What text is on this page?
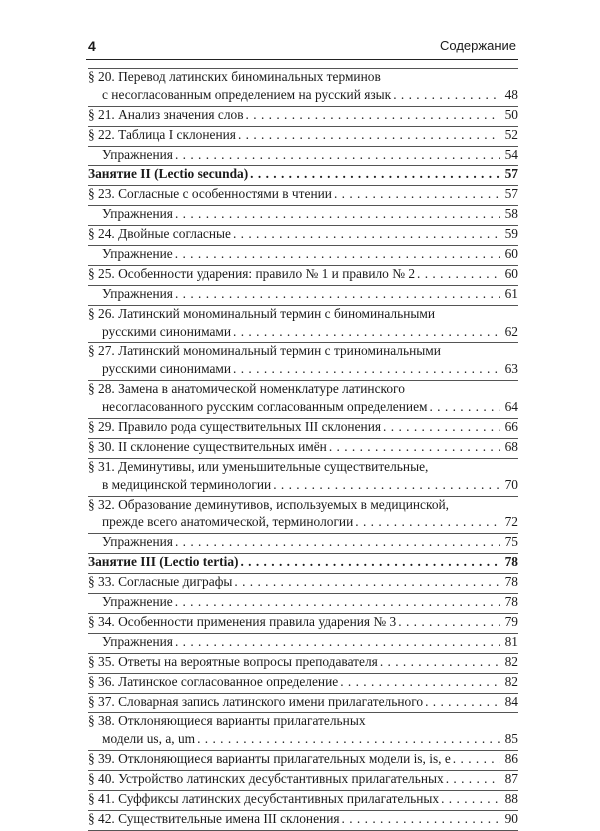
4	Содержание
§ 20. Перевод латинских биноминальных терминов
с несогласованным определением на русский язык . . .	48
§ 21. Анализ значения слов . . .	50
§ 22. Таблица I склонения . . .	52
Упражнения . . .	54
Занятие II (Lectio secunda) . . .	57
§ 23. Согласные с особенностями в чтении . . .	57
Упражнения . . .	58
§ 24. Двойные согласные . . .	59
Упражнение . . .	60
§ 25. Особенности ударения: правило № 1 и правило № 2 . . .	60
Упражнения . . .	61
§ 26. Латинский мономинальный термин с биноминальными
русскими синонимами . . .	62
§ 27. Латинский мономинальный термин с триноминальными
русскими синонимами . . .	63
§ 28. Замена в анатомической номенклатуре латинского
несогласованного русским согласованным определением . . .	64
§ 29. Правило рода существительных III склонения . . .	66
§ 30. II склонение существительных имён . . .	68
§ 31. Деминутивы, или уменьшительные существительные,
в медицинской терминологии . . .	70
§ 32. Образование деминутивов, используемых в медицинской,
прежде всего анатомической, терминологии . . .	72
Упражнения . . .	75
Занятие III (Lectio tertia) . . .	78
§ 33. Согласные диграфы . . .	78
Упражнение . . .	78
§ 34. Особенности применения правила ударения № 3 . . .	79
Упражнения . . .	81
§ 35. Ответы на вероятные вопросы преподавателя . . .	82
§ 36. Латинское согласованное определение . . .	82
§ 37. Словарная запись латинского имени прилагательного . . .	84
§ 38. Отклоняющиеся варианты прилагательных
модели us, a, um . . .	85
§ 39. Отклоняющиеся варианты прилагательных модели is, is, e . . .	86
§ 40. Устройство латинских десубстантивных прилагательных . . .	87
§ 41. Суффиксы латинских десубстантивных прилагательных . . .	88
§ 42. Существительные имена III склонения . . .	90
